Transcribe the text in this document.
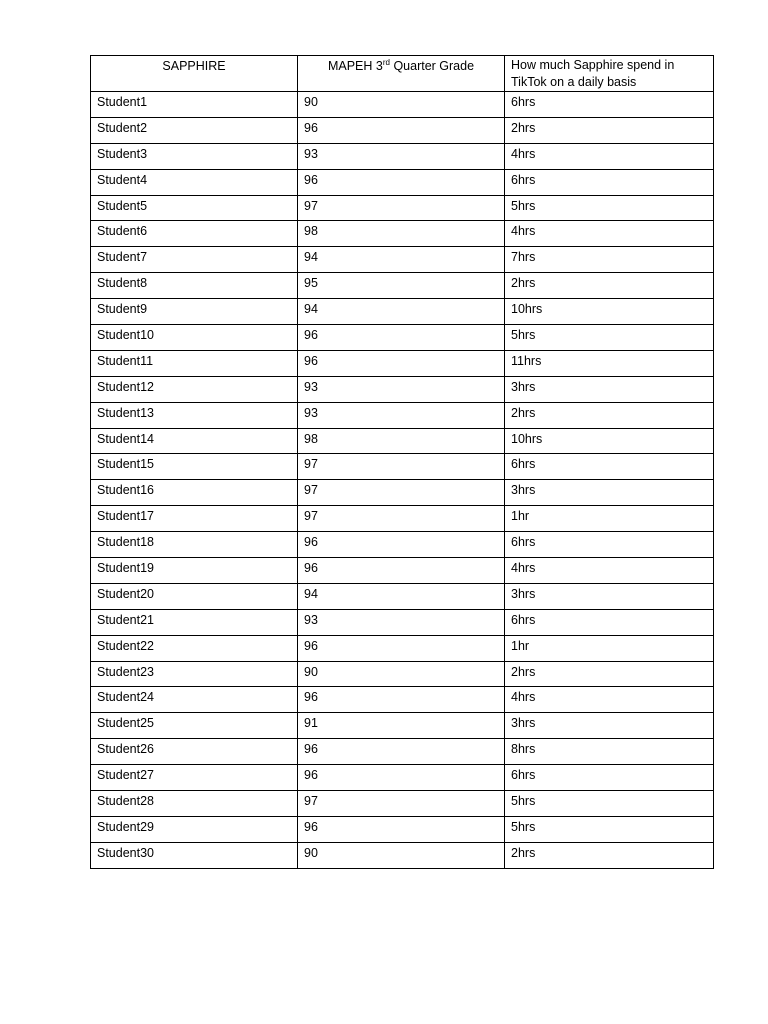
SAPPHIRE	MAPEH 3rd Quarter Grade	How much Sapphire spend in TikTok on a daily basis
Student1	90	6hrs
Student2	96	2hrs
Student3	93	4hrs
Student4	96	6hrs
Student5	97	5hrs
Student6	98	4hrs
Student7	94	7hrs
Student8	95	2hrs
Student9	94	10hrs
Student10	96	5hrs
Student11	96	11hrs
Student12	93	3hrs
Student13	93	2hrs
Student14	98	10hrs
Student15	97	6hrs
Student16	97	3hrs
Student17	97	1hr
Student18	96	6hrs
Student19	96	4hrs
Student20	94	3hrs
Student21	93	6hrs
Student22	96	1hr
Student23	90	2hrs
Student24	96	4hrs
Student25	91	3hrs
Student26	96	8hrs
Student27	96	6hrs
Student28	97	5hrs
Student29	96	5hrs
Student30	90	2hrs
